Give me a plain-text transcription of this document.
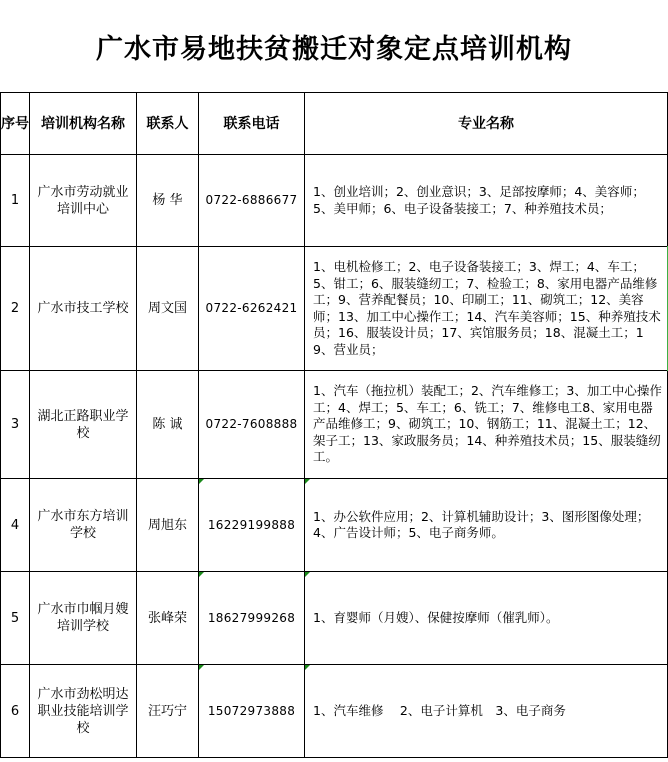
广水市易地扶贫搬迁对象定点培训机构
序号	培训机构名称	联系人	联系电话	专业名称
1	广水市劳动就业培训中心	杨 华	0722-6886677	1、创业培训；2、创业意识；3、足部按摩师；4、美容师；5、美甲师；6、电子设备装接工；7、种养殖技术员；
2	广水市技工学校	周文国	0722-6262421	1、电机检修工；2、电子设备装接工；3、焊工；4、车工；5、钳工；6、服装缝纫工；7、检验工；8、家用电器产品维修工；9、营养配餐员；10、印刷工；11、砌筑工；12、美容师；13、加工中心操作工；14、汽车美容师；15、种养殖技术员；16、服装设计员；17、宾馆服务员；18、混凝土工；19、营业员；
3	湖北正路职业学校	陈 诚	0722-7608888	1、汽车（拖拉机）装配工；2、汽车维修工；3、加工中心操作工；4、焊工；5、车工；6、铣工；7、维修电工8、家用电器产品维修工；9、砌筑工；10、钢筋工；11、混凝土工；12、架子工；13、家政服务员；14、种养殖技术员；15、服装缝纫工。
4	广水市东方培训学校	周旭东	16229199888	1、办公软件应用；2、计算机辅助设计；3、图形图像处理；4、广告设计师；5、电子商务师。
5	广水市巾帼月嫂培训学校	张峰荣	18627999268	1、育婴师（月嫂）、保健按摩师（催乳师）。
6	广水市劲松明达职业技能培训学校	汪巧宁	15072973888	1、汽车维修　 2、电子计算机　3、电子商务
